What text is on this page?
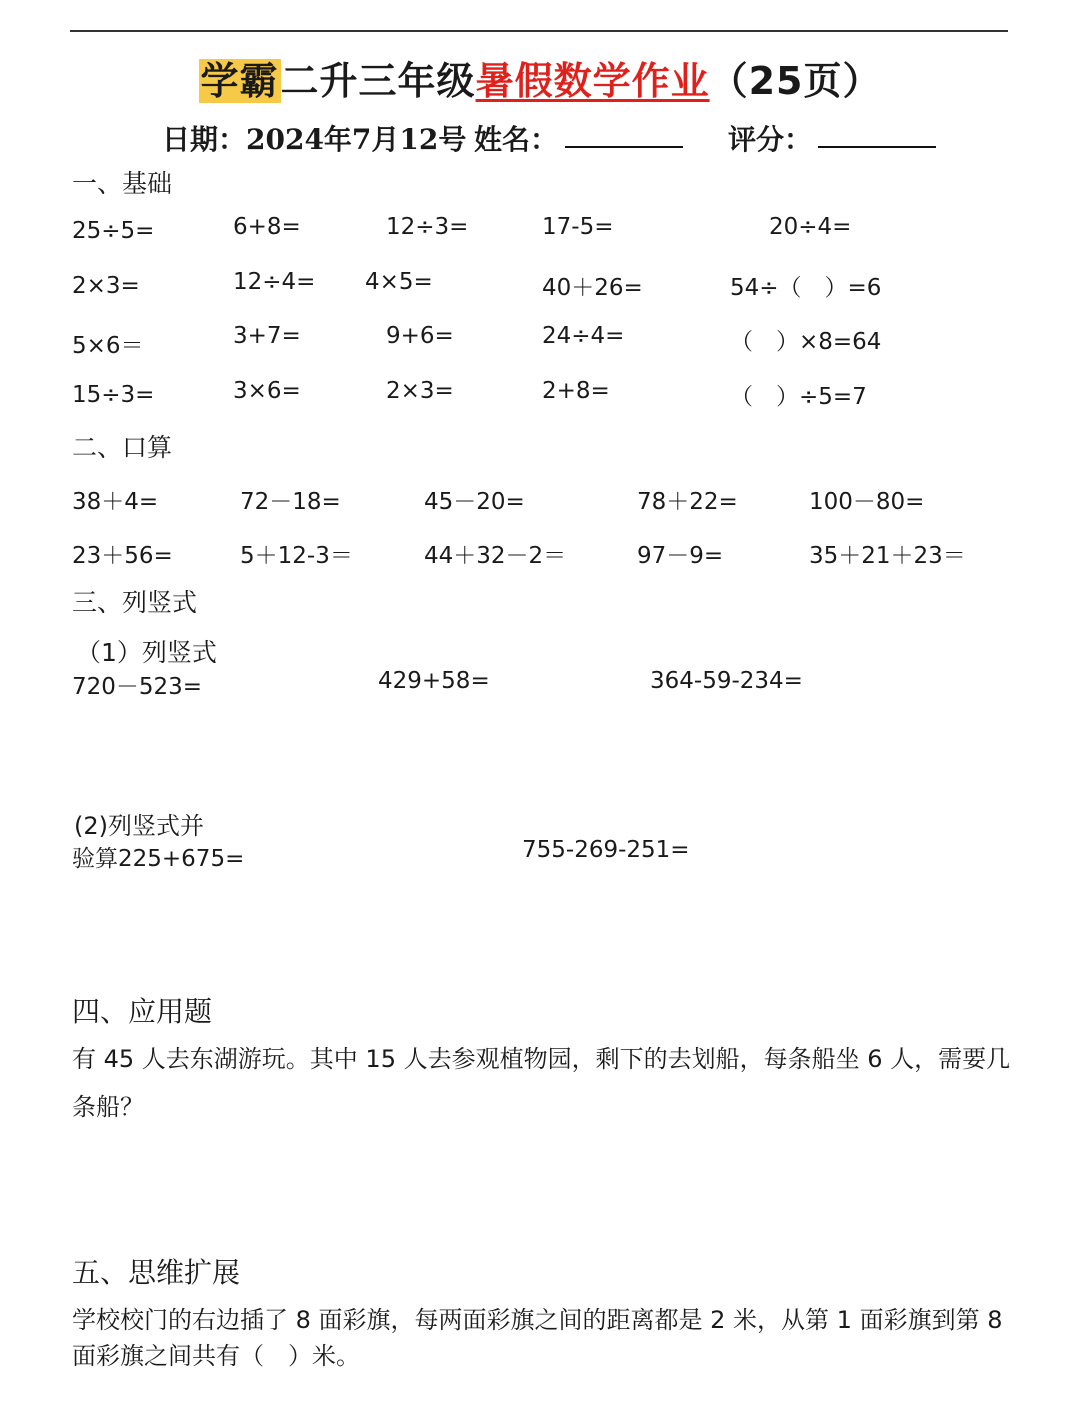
学霸二升三年级暑假数学作业（25页）
日期：2024年7月12号 姓名：	评分：
一、基础
25÷5=	6+8=	12÷3=	17-5=	20÷4=
2×3=	12÷4= 4×5=	40＋26=	54÷（　）=6
5×6＝	3+7=	9+6=	24÷4=	（　）×8=64
15÷3=	3×6=	2×3=	2+8=	（　）÷5=7
二、口算
38＋4=	72－18=	45－20=	78＋22=	100－80=
23＋56=	5＋12-3＝	44＋32－2＝	97－9=	35＋21＋23＝
三、列竖式
（1）列竖式
720－523=	429+58=	364-59-234=
(2)列竖式并
验算225+675=	755-269-251=
四、应用题
有 45 人去东湖游玩。其中 15 人去参观植物园，剩下的去划船，每条船坐 6 人，需要几条船？
五、思维扩展
学校校门的右边插了 8 面彩旗，每两面彩旗之间的距离都是 2 米，从第 1 面彩旗到第 8 面彩旗之间共有（　）米。
